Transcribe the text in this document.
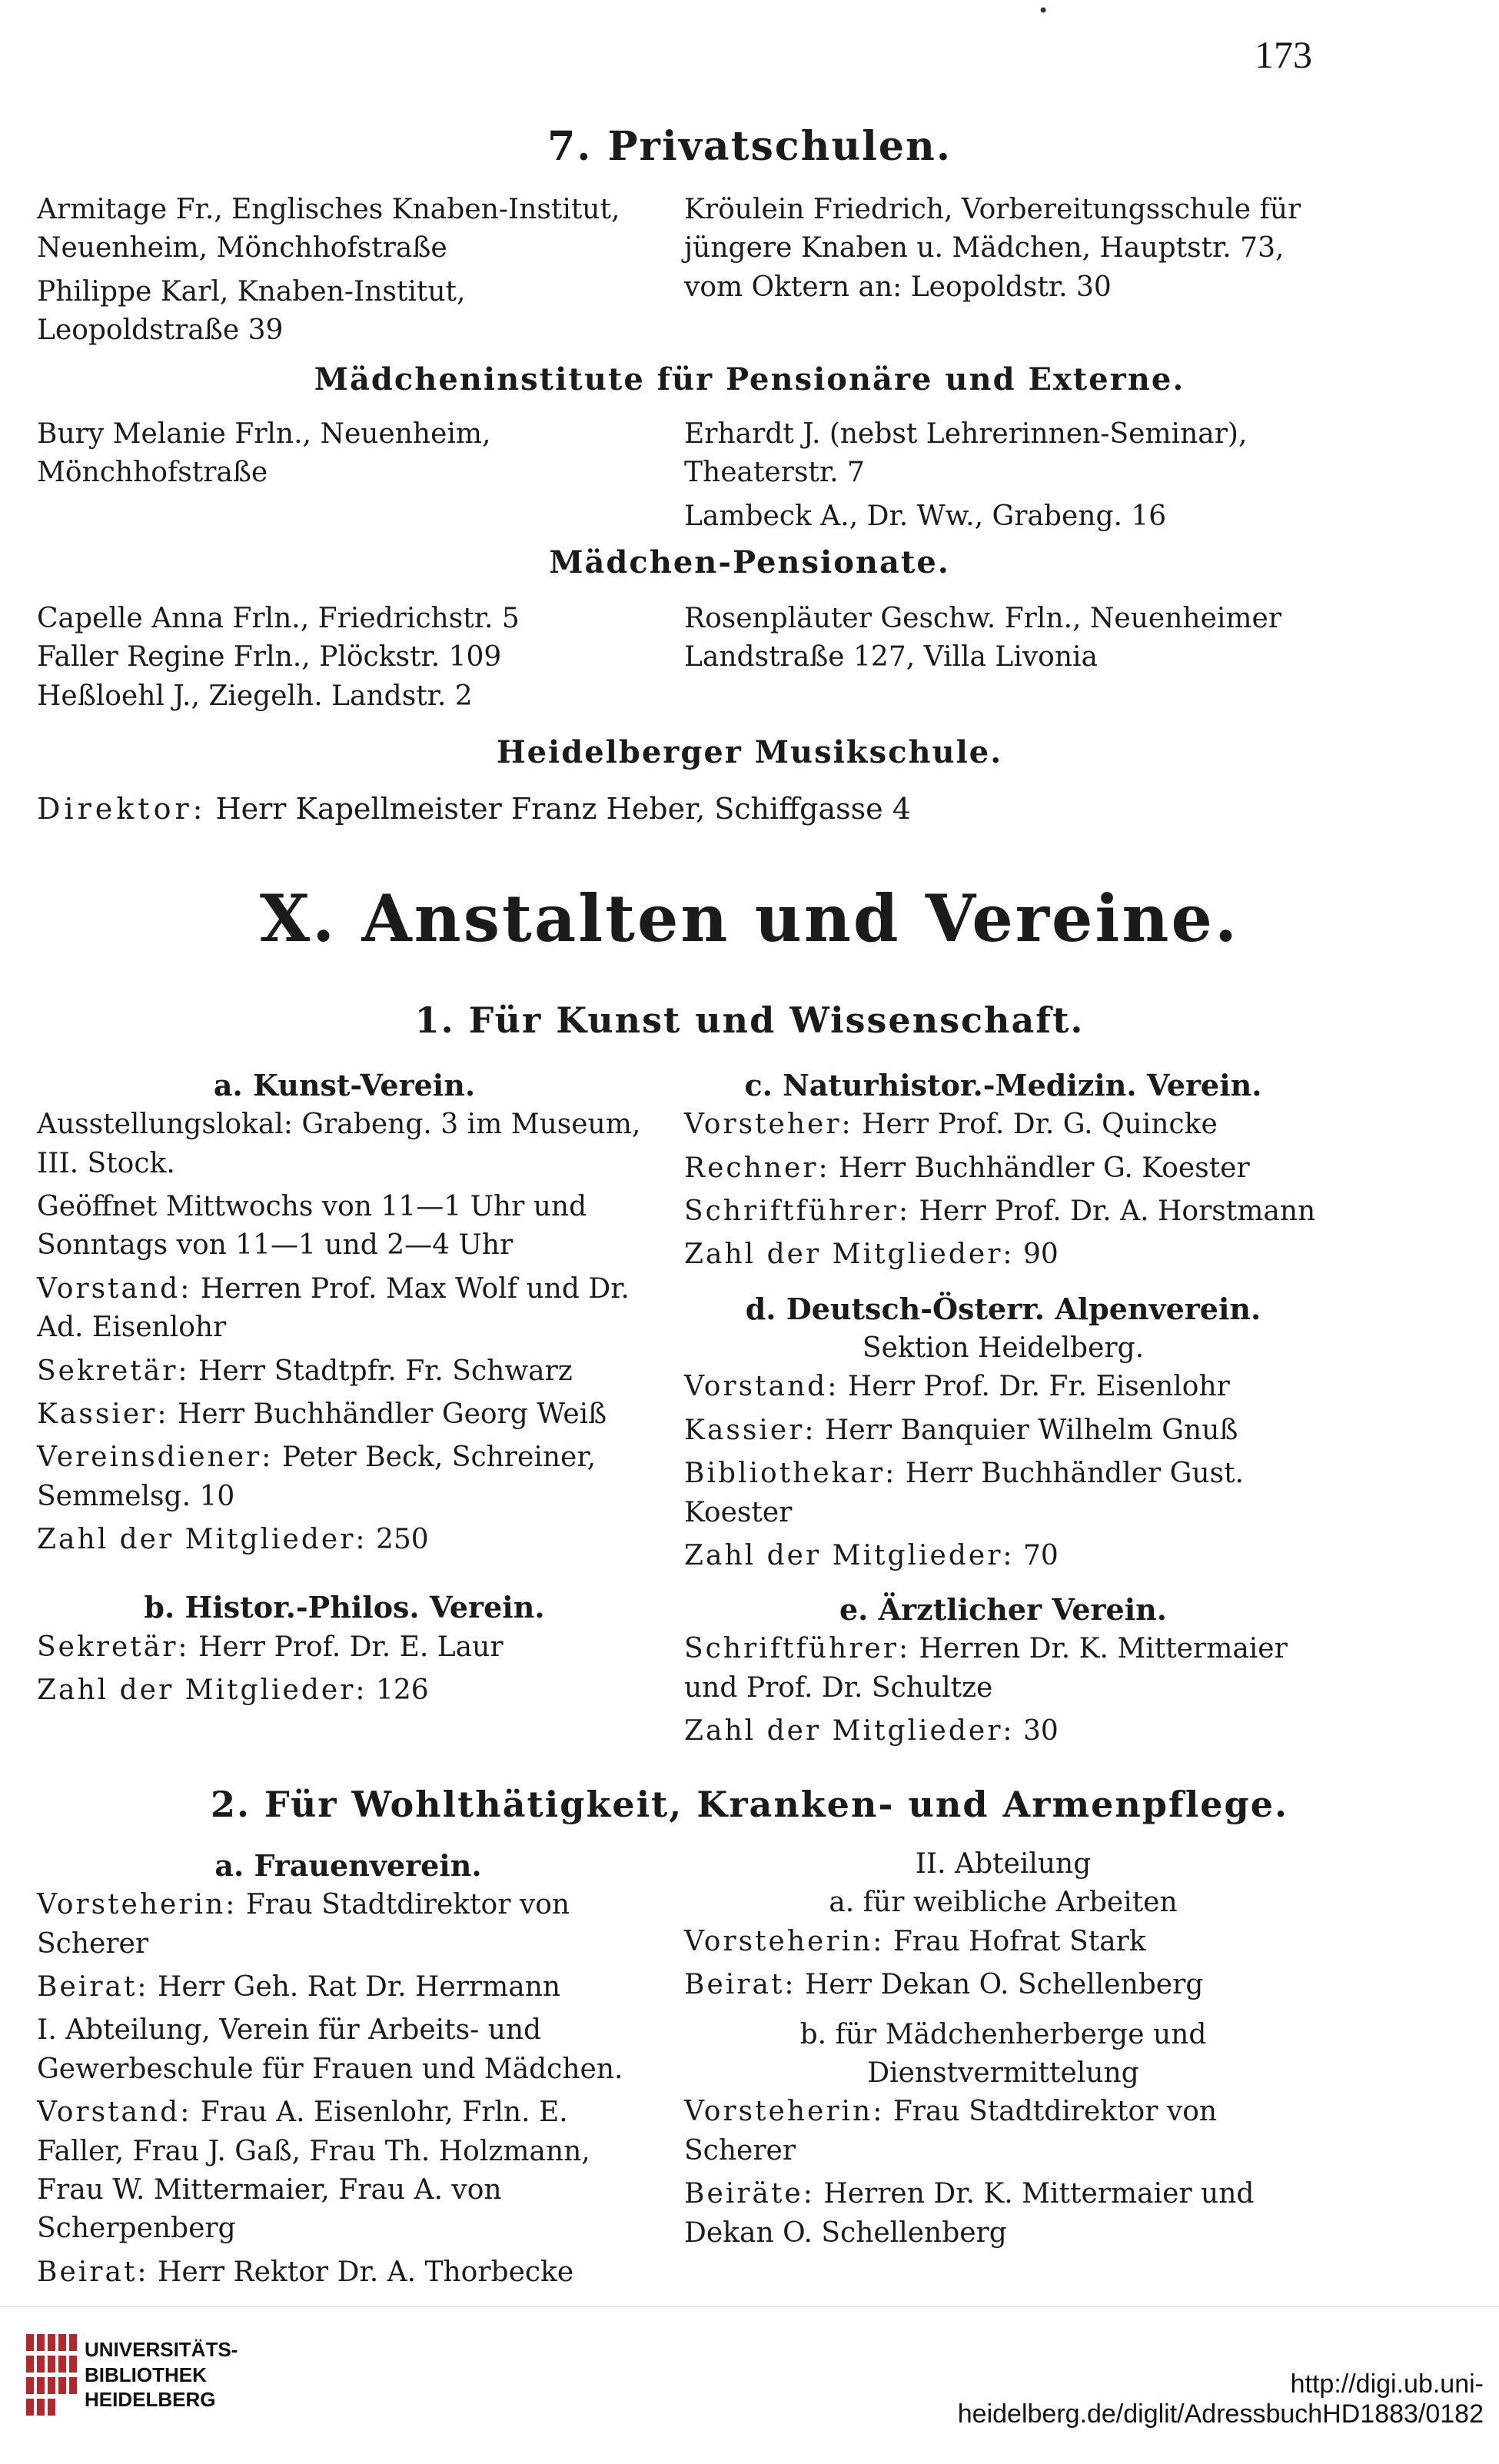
173
•
7. Privatschulen.

Armitage Fr., Englisches Knaben-Institut, Neuenheim, Mönchhofstraße

Philippe Karl, Knaben-Institut, Leopoldstraße 39

Kröulein Friedrich, Vorbereitungsschule für jüngere Knaben u. Mädchen, Hauptstr. 73, vom Oktern an: Leopoldstr. 30

Mädcheninstitute für Pensionäre und Externe.

Bury Melanie Frln., Neuenheim, Mönchhofstraße

Erhardt J. (nebst Lehrerinnen-Seminar), Theaterstr. 7

Lambeck A., Dr. Ww., Grabeng. 16

Mädchen-Pensionate.

Capelle Anna Frln., Friedrichstr. 5

Faller Regine Frln., Plöckstr. 109

Heßloehl J., Ziegelh. Landstr. 2

Rosenpläuter Geschw. Frln., Neuenheimer Landstraße 127, Villa Livonia

Heidelberger Musikschule.
Direktor: Herr Kapellmeister Franz Heber, Schiffgasse 4
X. Anstalten und Vereine.
1. Für Kunst und Wissenschaft.

a. Kunst-Verein.

Ausstellungslokal: Grabeng. 3 im Museum, III. Stock.

Geöffnet Mittwochs von 11—1 Uhr und Sonntags von 11—1 und 2—4 Uhr

Vorstand: Herren Prof. Max Wolf und Dr. Ad. Eisenlohr

Sekretär: Herr Stadtpfr. Fr. Schwarz

Kassier: Herr Buchhändler Georg Weiß

Vereinsdiener: Peter Beck, Schreiner, Semmelsg. 10

Zahl der Mitglieder: 250

b. Histor.-Philos. Verein.

Sekretär: Herr Prof. Dr. E. Laur

Zahl der Mitglieder: 126

c. Naturhistor.-Medizin. Verein.

Vorsteher: Herr Prof. Dr. G. Quincke

Rechner: Herr Buchhändler G. Koester

Schriftführer: Herr Prof. Dr. A. Horstmann

Zahl der Mitglieder: 90

d. Deutsch-Österr. Alpenverein.

Sektion Heidelberg.

Vorstand: Herr Prof. Dr. Fr. Eisenlohr

Kassier: Herr Banquier Wilhelm Gnuß

Bibliothekar: Herr Buchhändler Gust. Koester

Zahl der Mitglieder: 70

e. Ärztlicher Verein.

Schriftführer: Herren Dr. K. Mittermaier und Prof. Dr. Schultze

Zahl der Mitglieder: 30

2. Für Wohlthätigkeit, Kranken- und Armenpflege.

a. Frauenverein.

Vorsteherin: Frau Stadtdirektor von Scherer

Beirat: Herr Geh. Rat Dr. Herrmann

I. Abteilung, Verein für Arbeits- und Gewerbeschule für Frauen und Mädchen.

Vorstand: Frau A. Eisenlohr, Frln. E. Faller, Frau J. Gaß, Frau Th. Holzmann, Frau W. Mittermaier, Frau A. von Scherpenberg

Beirat: Herr Rektor Dr. A. Thorbecke

II. Abteilung

a. für weibliche Arbeiten

Vorsteherin: Frau Hofrat Stark

Beirat: Herr Dekan O. Schellenberg

b. für Mädchenherberge und Dienstvermittelung

Vorsteherin: Frau Stadtdirektor von Scherer

Beiräte: Herren Dr. K. Mittermaier und Dekan O. Schellenberg

UNIVERSITÄTS-
BIBLIOTHEK
HEIDELBERG
http://digi.ub.uni-heidelberg.de/diglit/AdressbuchHD1883/0182
